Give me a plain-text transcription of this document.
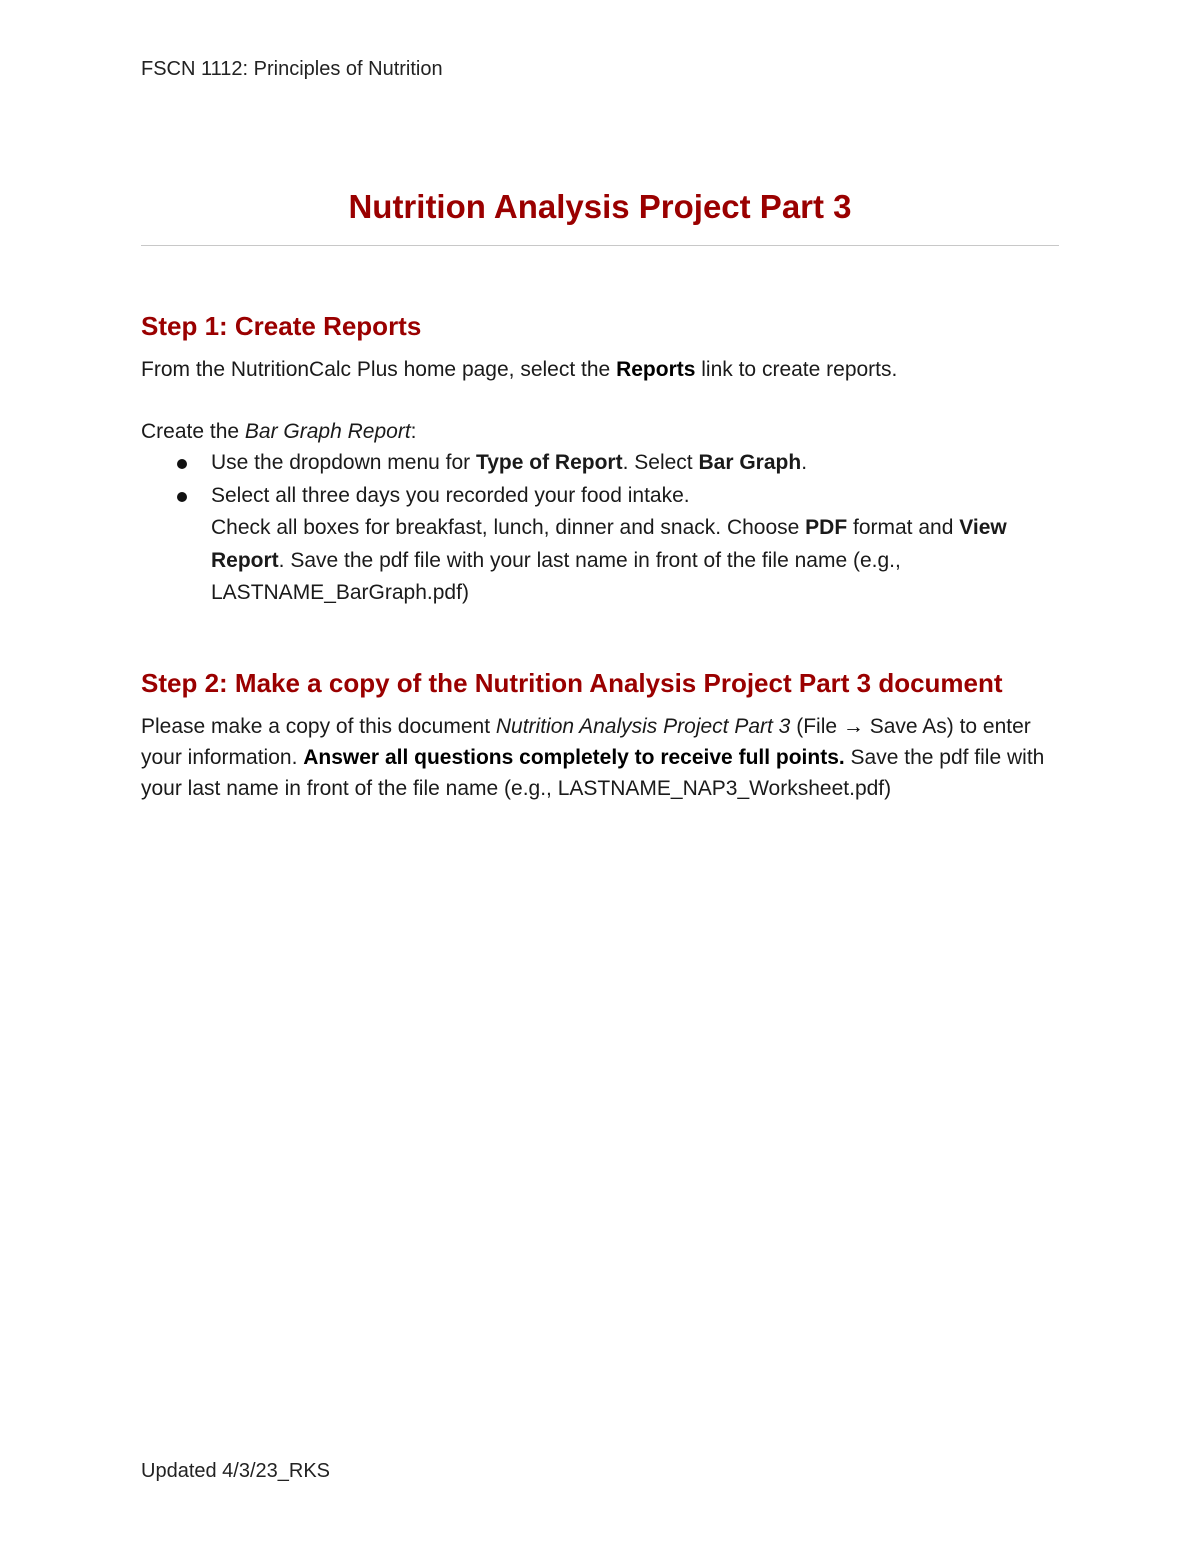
FSCN 1112: Principles of Nutrition
Nutrition Analysis Project Part 3
Step 1: Create Reports

From the NutritionCalc Plus home page, select the Reports link to create reports.

Create the Bar Graph Report:

Use the dropdown menu for Type of Report. Select Bar Graph.
Select all three days you recorded your food intake.
Check all boxes for breakfast, lunch, dinner and snack. Choose PDF format and View Report. Save the pdf file with your last name in front of the file name (e.g., LASTNAME_BarGraph.pdf)
Step 2: Make a copy of the Nutrition Analysis Project Part 3 document

Please make a copy of this document Nutrition Analysis Project Part 3 (File → Save As) to enter your information. Answer all questions completely to receive full points. Save the pdf file with your last name in front of the file name (e.g., LASTNAME_NAP3_Worksheet.pdf)

Updated 4/3/23_RKS
